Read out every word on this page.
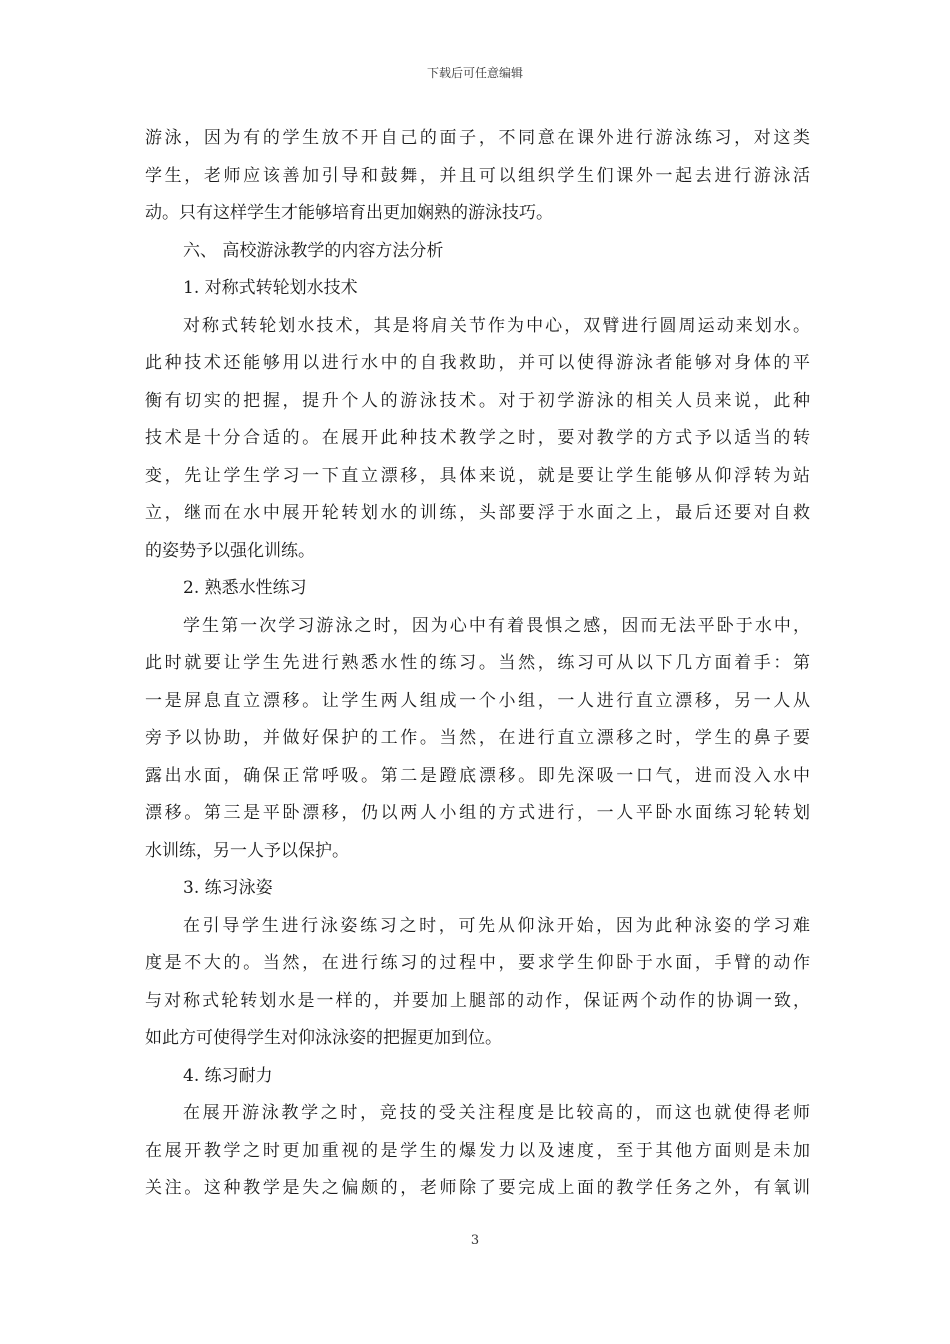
下载后可任意编辑
游泳，因为有的学生放不开自己的面子，不同意在课外进行游泳练习，对这类
学生，老师应该善加引导和鼓舞，并且可以组织学生们课外一起去进行游泳活
动。只有这样学生才能够培育出更加娴熟的游泳技巧。
六、 高校游泳教学的内容方法分析
1. 对称式转轮划水技术
对称式转轮划水技术，其是将肩关节作为中心，双臂进行圆周运动来划水。
此种技术还能够用以进行水中的自我救助，并可以使得游泳者能够对身体的平
衡有切实的把握，提升个人的游泳技术。对于初学游泳的相关人员来说，此种
技术是十分合适的。在展开此种技术教学之时，要对教学的方式予以适当的转
变，先让学生学习一下直立漂移，具体来说，就是要让学生能够从仰浮转为站
立，继而在水中展开轮转划水的训练，头部要浮于水面之上，最后还要对自救
的姿势予以强化训练。
2. 熟悉水性练习
学生第一次学习游泳之时，因为心中有着畏惧之感，因而无法平卧于水中，
此时就要让学生先进行熟悉水性的练习。当然，练习可从以下几方面着手：第
一是屏息直立漂移。让学生两人组成一个小组，一人进行直立漂移，另一人从
旁予以协助，并做好保护的工作。当然，在进行直立漂移之时，学生的鼻子要
露出水面，确保正常呼吸。第二是蹬底漂移。即先深吸一口气，进而没入水中
漂移。第三是平卧漂移，仍以两人小组的方式进行，一人平卧水面练习轮转划
水训练，另一人予以保护。
3. 练习泳姿
在引导学生进行泳姿练习之时，可先从仰泳开始，因为此种泳姿的学习难
度是不大的。当然，在进行练习的过程中，要求学生仰卧于水面，手臂的动作
与对称式轮转划水是一样的，并要加上腿部的动作，保证两个动作的协调一致，
如此方可使得学生对仰泳泳姿的把握更加到位。
4. 练习耐力
在展开游泳教学之时，竞技的受关注程度是比较高的，而这也就使得老师
在展开教学之时更加重视的是学生的爆发力以及速度，至于其他方面则是未加
关注。这种教学是失之偏颇的，老师除了要完成上面的教学任务之外，有氧训
3
